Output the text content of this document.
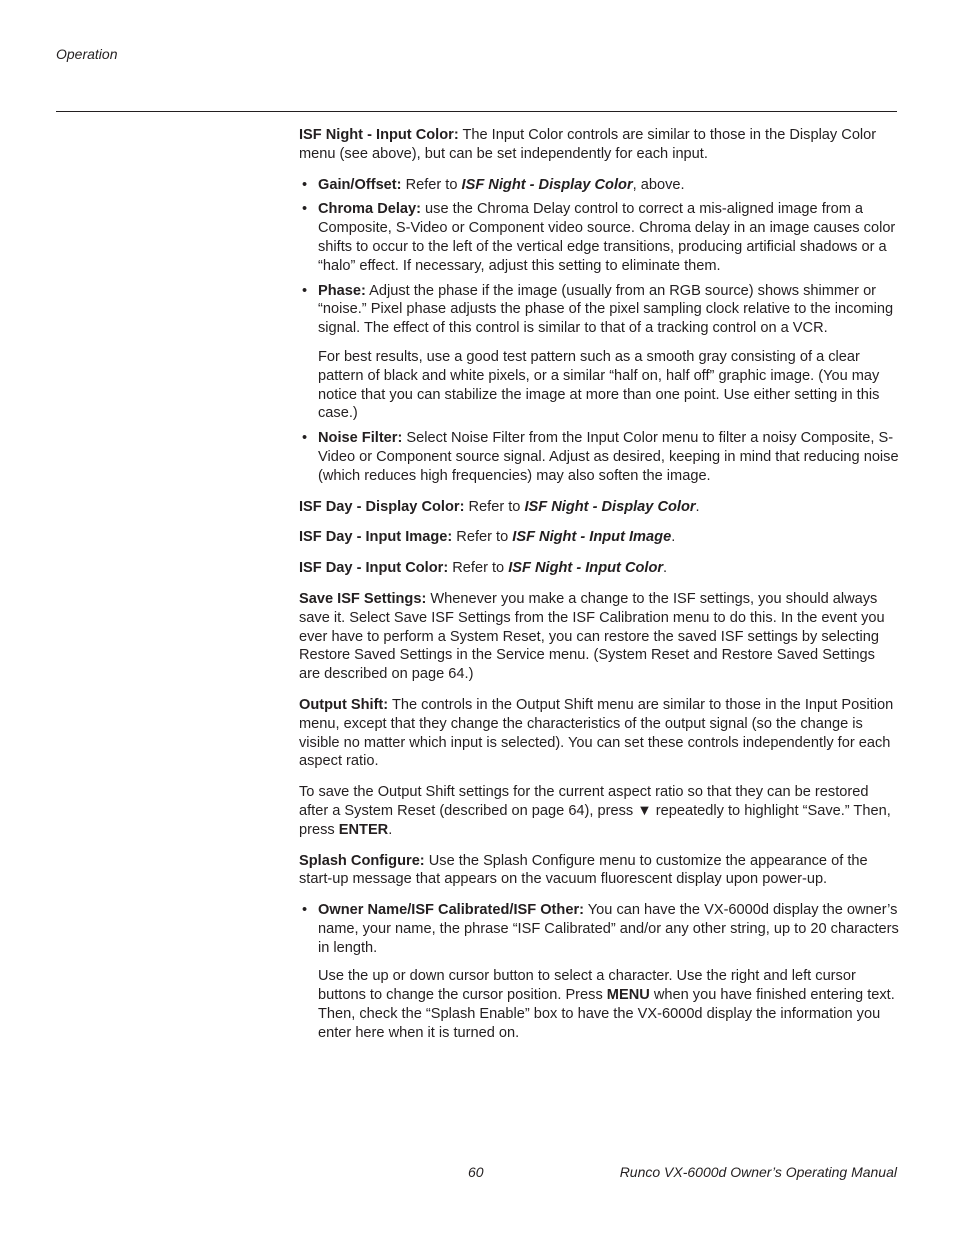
Operation

ISF Night - Input Color: The Input Color controls are similar to those in the Display Color menu (see above), but can be set independently for each input.

• Gain/Offset: Refer to ISF Night - Display Color, above.
• Chroma Delay: use the Chroma Delay control to correct a mis-aligned image from a Composite, S-Video or Component video source. Chroma delay in an image causes color shifts to occur to the left of the vertical edge transitions, producing artificial shadows or a “halo” effect. If necessary, adjust this setting to eliminate them.
• Phase: Adjust the phase if the image (usually from an RGB source) shows shimmer or “noise.” Pixel phase adjusts the phase of the pixel sampling clock relative to the incoming signal. The effect of this control is similar to that of a tracking control on a VCR.
For best results, use a good test pattern such as a smooth gray consisting of a clear pattern of black and white pixels, or a similar “half on, half off” graphic image. (You may notice that you can stabilize the image at more than one point. Use either setting in this case.)
• Noise Filter: Select Noise Filter from the Input Color menu to filter a noisy Composite, S-Video or Component source signal. Adjust as desired, keeping in mind that reducing noise (which reduces high frequencies) may also soften the image.

ISF Day - Display Color: Refer to ISF Night - Display Color.

ISF Day - Input Image: Refer to ISF Night - Input Image.

ISF Day - Input Color: Refer to ISF Night - Input Color.

Save ISF Settings: Whenever you make a change to the ISF settings, you should always save it. Select Save ISF Settings from the ISF Calibration menu to do this. In the event you ever have to perform a System Reset, you can restore the saved ISF settings by selecting Restore Saved Settings in the Service menu. (System Reset and Restore Saved Settings are described on page 64.)

Output Shift: The controls in the Output Shift menu are similar to those in the Input Position menu, except that they change the characteristics of the output signal (so the change is visible no matter which input is selected). You can set these controls independently for each aspect ratio.

To save the Output Shift settings for the current aspect ratio so that they can be restored after a System Reset (described on page 64), press ▼ repeatedly to highlight “Save.” Then, press ENTER.

Splash Configure: Use the Splash Configure menu to customize the appearance of the start-up message that appears on the vacuum fluorescent display upon power-up.

• Owner Name/ISF Calibrated/ISF Other: You can have the VX-6000d display the owner’s name, your name, the phrase “ISF Calibrated” and/or any other string, up to 20 characters in length.
Use the up or down cursor button to select a character. Use the right and left cursor buttons to change the cursor position. Press MENU when you have finished entering text. Then, check the “Splash Enable” box to have the VX-6000d display the information you enter here when it is turned on.
60	Runco VX-6000d Owner’s Operating Manual
